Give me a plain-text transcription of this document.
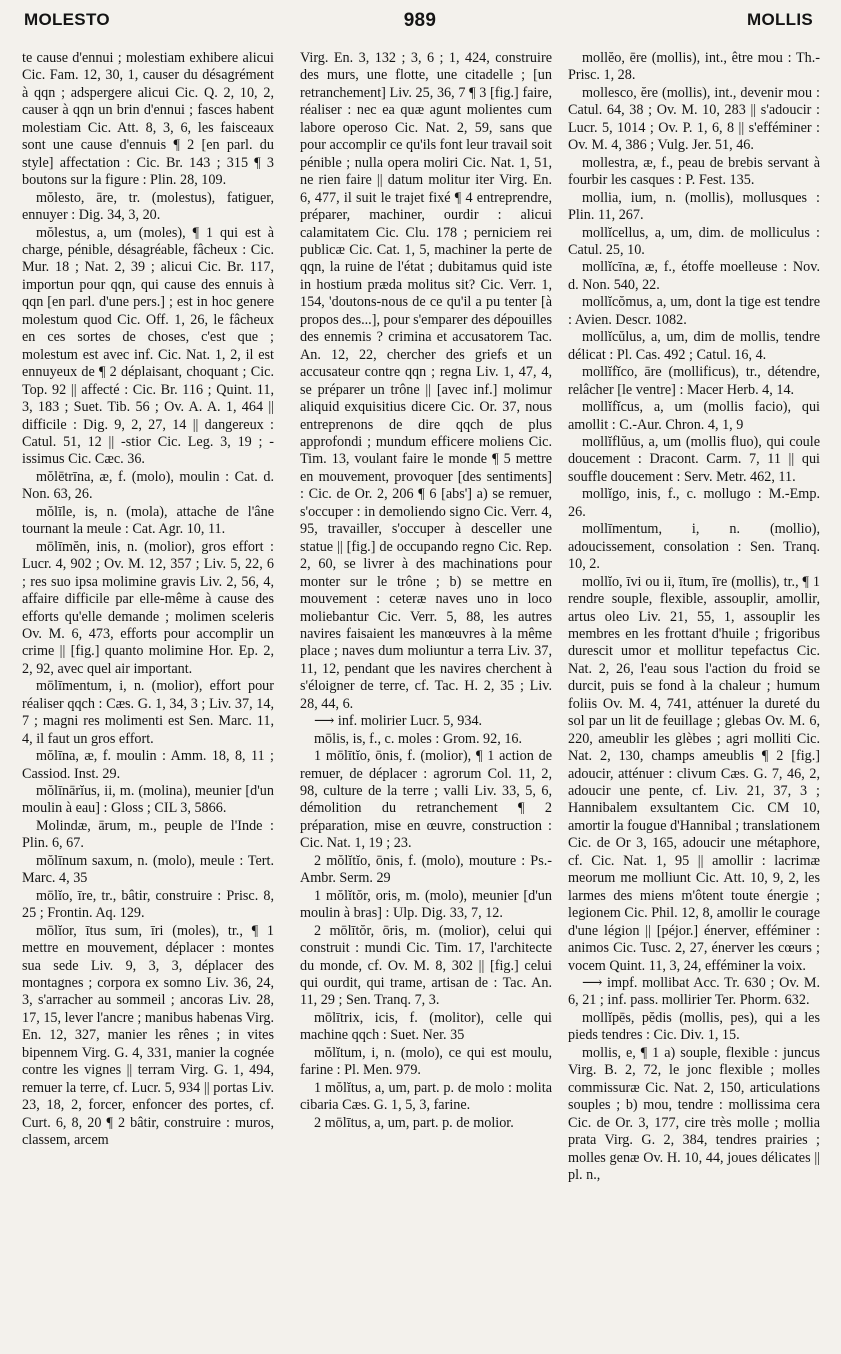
MOLESTO	989	MOLLIS

te cause d'ennui ; molestiam exhibere alicui Cic. Fam. 12, 30, 1, causer du désagrément à qqn ; adspergere alicui Cic. Q. 2, 10, 2, causer à qqn un brin d'ennui ; fasces habent molestiam Cic. Att. 8, 3, 6, les faisceaux sont une cause d'ennuis ¶ 2 [en parl. du style] affectation : Cic. Br. 143 ; 315 ¶ 3 boutons sur la figure : Plin. 28, 109.

mŏlesto, āre, tr. (molestus), fatiguer, ennuyer : Dig. 34, 3, 20.

mŏlestus, a, um (moles), ¶ 1 qui est à charge, pénible, désagréable, fâcheux : Cic. Mur. 18 ; Nat. 2, 39 ; alicui Cic. Br. 117, importun pour qqn, qui cause des ennuis à qqn [en parl. d'une pers.] ; est in hoc genere molestum quod Cic. Off. 1, 26, le fâcheux en ces sortes de choses, c'est que ; molestum est avec inf. Cic. Nat. 1, 2, il est ennuyeux de ¶ 2 déplaisant, choquant ; Cic. Top. 92 || affecté : Cic. Br. 116 ; Quint. 11, 3, 183 ; Suet. Tib. 56 ; Ov. A. A. 1, 464 || difficile : Dig. 9, 2, 27, 14 || dangereux : Catul. 51, 12 || -stior Cic. Leg. 3, 19 ; -issimus Cic. Cæc. 36.

mŏlētrīna, æ, f. (molo), moulin : Cat. d. Non. 63, 26.

mŏlīle, is, n. (mola), attache de l'âne tournant la meule : Cat. Agr. 10, 11.

mōlīmĕn, inis, n. (molior), gros effort : Lucr. 4, 902 ; Ov. M. 12, 357 ; Liv. 5, 22, 6 ; res suo ipsa molimine gravis Liv. 2, 56, 4, affaire difficile par elle-même à cause des efforts qu'elle demande ; molimen sceleris Ov. M. 6, 473, efforts pour accomplir un crime || [fig.] quanto molimine Hor. Ep. 2, 2, 92, avec quel air important.

mōlīmentum, i, n. (molior), effort pour réaliser qqch : Cæs. G. 1, 34, 3 ; Liv. 37, 14, 7 ; magni res molimenti est Sen. Marc. 11, 4, il faut un gros effort.

mŏlīna, æ, f. moulin : Amm. 18, 8, 11 ; Cassiod. Inst. 29.

mŏlīnārĭus, ii, m. (molina), meunier [d'un moulin à eau] : Gloss ; CIL 3, 5866.

Molindæ, ārum, m., peuple de l'Inde : Plin. 6, 67.

mŏlīnum saxum, n. (molo), meule : Tert. Marc. 4, 35

mōlĭo, īre, tr., bâtir, construire : Prisc. 8, 25 ; Frontin. Aq. 129.

mōlĭor, ītus sum, īri (moles), tr., ¶ 1 mettre en mouvement, déplacer : montes sua sede Liv. 9, 3, 3, déplacer des montagnes ; corpora ex somno Liv. 36, 24, 3, s'arracher au sommeil ; ancoras Liv. 28, 17, 15, lever l'ancre ; manibus habenas Virg. En. 12, 327, manier les rênes ; in vites bipennem Virg. G. 4, 331, manier la cognée contre les vignes || terram Virg. G. 1, 494, remuer la terre, cf. Lucr. 5, 934 || portas Liv. 23, 18, 2, forcer, enfoncer des portes, cf. Curt. 6, 8, 20 ¶ 2 bâtir, construire : muros, classem, arcem

Virg. En. 3, 132 ; 3, 6 ; 1, 424, construire des murs, une flotte, une citadelle ; [un retranchement] Liv. 25, 36, 7 ¶ 3 [fig.] faire, réaliser : nec ea quæ agunt molientes cum labore operoso Cic. Nat. 2, 59, sans que pour accomplir ce qu'ils font leur travail soit pénible ; nulla opera moliri Cic. Nat. 1, 51, ne rien faire || datum molitur iter Virg. En. 6, 477, il suit le trajet fixé ¶ 4 entreprendre, préparer, machiner, ourdir : alicui calamitatem Cic. Clu. 178 ; perniciem rei publicæ Cic. Cat. 1, 5, machiner la perte de qqn, la ruine de l'état ; dubitamus quid iste in hostium præda molitus sit? Cic. Verr. 1, 154, 'doutons-nous de ce qu'il a pu tenter [à propos des...], pour s'emparer des dépouilles des ennemis ? crimina et accusatorem Tac. An. 12, 22, chercher des griefs et un accusateur contre qqn ; regna Liv. 1, 47, 4, se préparer un trône || [avec inf.] molimur aliquid exquisitius dicere Cic. Or. 37, nous entreprenons de dire qqch de plus approfondi ; mundum efficere moliens Cic. Tim. 13, voulant faire le monde ¶ 5 mettre en mouvement, provoquer [des sentiments] : Cic. de Or. 2, 206 ¶ 6 [abs'] a) se remuer, s'occuper : in demoliendo signo Cic. Verr. 4, 95, travailler, s'occuper à desceller une statue || [fig.] de occupando regno Cic. Rep. 2, 60, se livrer à des machinations pour monter sur le trône ; b) se mettre en mouvement : ceteræ naves uno in loco moliebantur Cic. Verr. 5, 88, les autres navires faisaient les manœuvres à la même place ; naves dum moliuntur a terra Liv. 37, 11, 12, pendant que les navires cherchent à s'éloigner de terre, cf. Tac. H. 2, 35 ; Liv. 28, 44, 6.

⟶ inf. molirier Lucr. 5, 934.

mōlis, is, f., c. moles : Grom. 92, 16.

1 mōlītĭo, ōnis, f. (molior), ¶ 1 action de remuer, de déplacer : agrorum Col. 11, 2, 98, culture de la terre ; valli Liv. 33, 5, 6, démolition du retranchement ¶ 2 préparation, mise en œuvre, construction : Cic. Nat. 1, 19 ; 23.

2 mŏlĭtĭo, ōnis, f. (molo), mouture : Ps.-Ambr. Serm. 29

1 mŏlĭtŏr, oris, m. (molo), meunier [d'un moulin à bras] : Ulp. Dig. 33, 7, 12.

2 mōlītŏr, ōris, m. (molior), celui qui construit : mundi Cic. Tim. 17, l'architecte du monde, cf. Ov. M. 8, 302 || [fig.] celui qui ourdit, qui trame, artisan de : Tac. An. 11, 29 ; Sen. Tranq. 7, 3.

mōlītrix, icis, f. (molitor), celle qui machine qqch : Suet. Ner. 35

mŏlĭtum, i, n. (molo), ce qui est moulu, farine : Pl. Men. 979.

1 mŏlĭtus, a, um, part. p. de molo : molita cibaria Cæs. G. 1, 5, 3, farine.

2 mōlītus, a, um, part. p. de molior.

mollĕo, ēre (mollis), int., être mou : Th.-Prisc. 1, 28.

mollesco, ĕre (mollis), int., devenir mou : Catul. 64, 38 ; Ov. M. 10, 283 || s'adoucir : Lucr. 5, 1014 ; Ov. P. 1, 6, 8 || s'efféminer : Ov. M. 4, 386 ; Vulg. Jer. 51, 46.

mollestra, æ, f., peau de brebis servant à fourbir les casques : P. Fest. 135.

mollia, ium, n. (mollis), mollusques : Plin. 11, 267.

mollĭcellus, a, um, dim. de molliculus : Catul. 25, 10.

mollĭcīna, æ, f., étoffe moelleuse : Nov. d. Non. 540, 22.

mollĭcŏmus, a, um, dont la tige est tendre : Avien. Descr. 1082.

mollĭcŭlus, a, um, dim de mollis, tendre délicat : Pl. Cas. 492 ; Catul. 16, 4.

mollĭfĭco, āre (mollificus), tr., détendre, relâcher [le ventre] : Macer Herb. 4, 14.

mollĭfĭcus, a, um (mollis facio), qui amollit : C.-Aur. Chron. 4, 1, 9

mollĭflŭus, a, um (mollis fluo), qui coule doucement : Dracont. Carm. 7, 11 || qui souffle doucement : Serv. Metr. 462, 11.

mollĭgo, inis, f., c. mollugo : M.-Emp. 26.

mollīmentum, i, n. (mollio), adoucissement, consolation : Sen. Tranq. 10, 2.

mollĭo, īvi ou ii, ītum, īre (mollis), tr., ¶ 1 rendre souple, flexible, assouplir, amollir, artus oleo Liv. 21, 55, 1, assouplir les membres en les frottant d'huile ; frigoribus durescit umor et mollitur tepefactus Cic. Nat. 2, 26, l'eau sous l'action du froid se durcit, puis se fond à la chaleur ; humum foliis Ov. M. 4, 741, atténuer la dureté du sol par un lit de feuillage ; glebas Ov. M. 6, 220, ameublir les glèbes ; agri molliti Cic. Nat. 2, 130, champs ameublis ¶ 2 [fig.] adoucir, atténuer : clivum Cæs. G. 7, 46, 2, adoucir une pente, cf. Liv. 21, 37, 3 ; Hannibalem exsultantem Cic. CM 10, amortir la fougue d'Hannibal ; translationem Cic. de Or 3, 165, adoucir une métaphore, cf. Cic. Nat. 1, 95 || amollir : lacrimæ meorum me molliunt Cic. Att. 10, 9, 2, les larmes des miens m'ôtent toute énergie ; legionem Cic. Phil. 12, 8, amollir le courage d'une légion || [péjor.] énerver, efféminer : animos Cic. Tusc. 2, 27, énerver les cœurs ; vocem Quint. 11, 3, 24, efféminer la voix.

⟶ impf. mollibat Acc. Tr. 630 ; Ov. M. 6, 21 ; inf. pass. mollirier Ter. Phorm. 632.

mollĭpēs, pĕdis (mollis, pes), qui a les pieds tendres : Cic. Div. 1, 15.

mollis, e, ¶ 1 a) souple, flexible : juncus Virg. B. 2, 72, le jonc flexible ; molles commissuræ Cic. Nat. 2, 150, articulations souples ; b) mou, tendre : mollissima cera Cic. de Or. 3, 177, cire très molle ; mollia prata Virg. G. 2, 384, tendres prairies ; molles genæ Ov. H. 10, 44, joues délicates || pl. n.,
